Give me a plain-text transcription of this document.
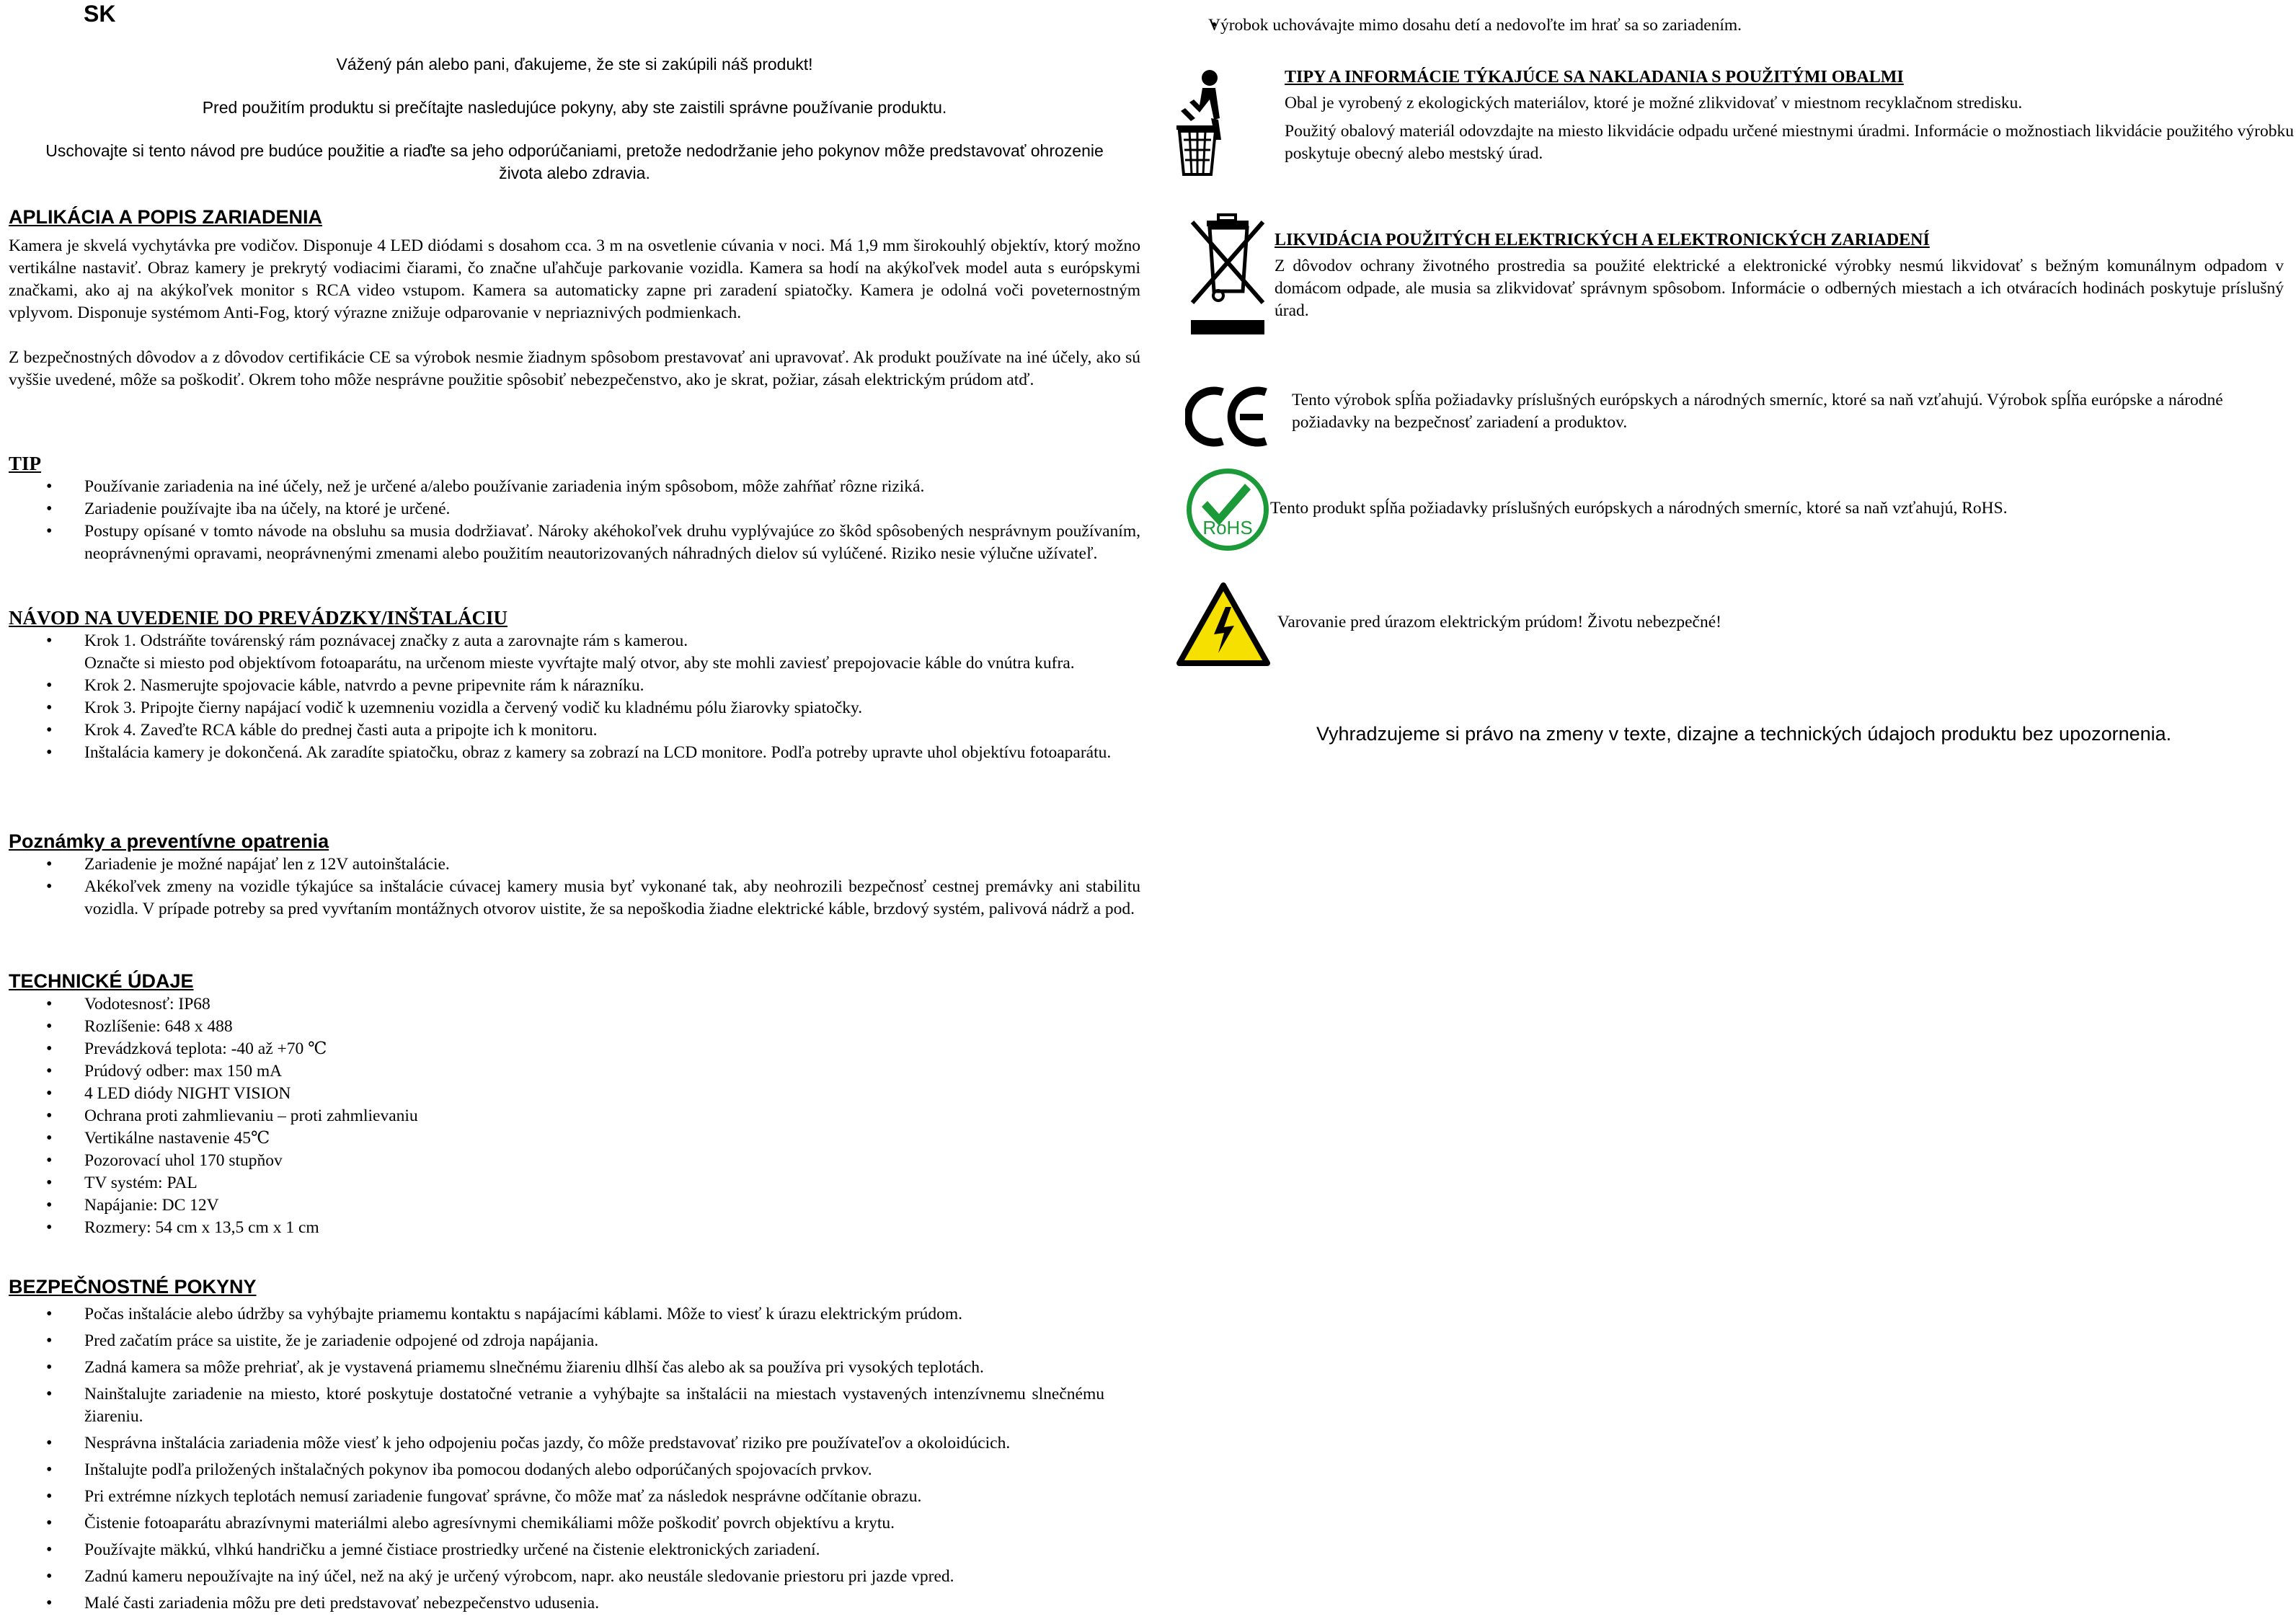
SK
Vážený pán alebo pani, ďakujeme, že ste si zakúpili náš produkt!
Pred použitím produktu si prečítajte nasledujúce pokyny, aby ste zaistili správne používanie produktu.
Uschovajte si tento návod pre budúce použitie a riaďte sa jeho odporúčaniami, pretože nedodržanie jeho pokynov môže predstavovať ohrozenie života alebo zdravia.
APLIKÁCIA A POPIS ZARIADENIA
Kamera je skvelá vychytávka pre vodičov. Disponuje 4 LED diódami s dosahom cca. 3 m na osvetlenie cúvania v noci. Má 1,9 mm širokouhlý objektív, ktorý možno vertikálne nastaviť. Obraz kamery je prekrytý vodiacimi čiarami, čo značne uľahčuje parkovanie vozidla. Kamera sa hodí na akýkoľvek model auta s európskymi značkami, ako aj na akýkoľvek monitor s RCA video vstupom. Kamera sa automaticky zapne pri zaradení spiatočky. Kamera je odolná voči poveternostným vplyvom. Disponuje systémom Anti-Fog, ktorý výrazne znižuje odparovanie v nepriaznivých podmienkach.
Z bezpečnostných dôvodov a z dôvodov certifikácie CE sa výrobok nesmie žiadnym spôsobom prestavovať ani upravovať. Ak produkt používate na iné účely, ako sú vyššie uvedené, môže sa poškodiť. Okrem toho môže nesprávne použitie spôsobiť nebezpečenstvo, ako je skrat, požiar, zásah elektrickým prúdom atď.
TIP
• Používanie zariadenia na iné účely, než je určené a/alebo používanie zariadenia iným spôsobom, môže zahŕňať rôzne riziká.
• Zariadenie používajte iba na účely, na ktoré je určené.
• Postupy opísané v tomto návode na obsluhu sa musia dodržiavať. Nároky akéhokoľvek druhu vyplývajúce zo škôd spôsobených nesprávnym používaním, neoprávnenými opravami, neoprávnenými zmenami alebo použitím neautorizovaných náhradných dielov sú vylúčené. Riziko nesie výlučne užívateľ.
NÁVOD NA UVEDENIE DO PREVÁDZKY/INŠTALÁCIU
• Krok 1. Odstráňte továrenský rám poznávacej značky z auta a zarovnajte rám s kamerou.
Označte si miesto pod objektívom fotoaparátu, na určenom mieste vyvŕtajte malý otvor, aby ste mohli zaviesť prepojovacie káble do vnútra kufra.
• Krok 2. Nasmerujte spojovacie káble, natvrdo a pevne pripevnite rám k nárazníku.
• Krok 3. Pripojte čierny napájací vodič k uzemneniu vozidla a červený vodič ku kladnému pólu žiarovky spiatočky.
• Krok 4. Zaveďte RCA káble do prednej časti auta a pripojte ich k monitoru.
• Inštalácia kamery je dokončená. Ak zaradíte spiatočku, obraz z kamery sa zobrazí na LCD monitore. Podľa potreby upravte uhol objektívu fotoaparátu.
Poznámky a preventívne opatrenia
• Zariadenie je možné napájať len z 12V autoinštalácie.
• Akékoľvek zmeny na vozidle týkajúce sa inštalácie cúvacej kamery musia byť vykonané tak, aby neohrozili bezpečnosť cestnej premávky ani stabilitu vozidla. V prípade potreby sa pred vyvŕtaním montážnych otvorov uistite, že sa nepoškodia žiadne elektrické káble, brzdový systém, palivová nádrž a pod.
TECHNICKÉ ÚDAJE
• Vodotesnosť: IP68
• Rozlíšenie: 648 x 488
• Prevádzková teplota: -40 až +70 ℃
• Prúdový odber: max 150 mA
• 4 LED diódy NIGHT VISION
• Ochrana proti zahmlievaniu – proti zahmlievaniu
• Vertikálne nastavenie 45℃
• Pozorovací uhol 170 stupňov
• TV systém: PAL
• Napájanie: DC 12V
• Rozmery: 54 cm x 13,5 cm x 1 cm
BEZPEČNOSTNÉ POKYNY
• Počas inštalácie alebo údržby sa vyhýbajte priamemu kontaktu s napájacími káblami. Môže to viesť k úrazu elektrickým prúdom.
• Pred začatím práce sa uistite, že je zariadenie odpojené od zdroja napájania.
• Zadná kamera sa môže prehriať, ak je vystavená priamemu slnečnému žiareniu dlhší čas alebo ak sa používa pri vysokých teplotách.
• Nainštalujte zariadenie na miesto, ktoré poskytuje dostatočné vetranie a vyhýbajte sa inštalácii na miestach vystavených intenzívnemu slnečnému žiareniu.
• Nesprávna inštalácia zariadenia môže viesť k jeho odpojeniu počas jazdy, čo môže predstavovať riziko pre používateľov a okoloidúcich.
• Inštalujte podľa priložených inštalačných pokynov iba pomocou dodaných alebo odporúčaných spojovacích prvkov.
• Pri extrémne nízkych teplotách nemusí zariadenie fungovať správne, čo môže mať za následok nesprávne odčítanie obrazu.
• Čistenie fotoaparátu abrazívnymi materiálmi alebo agresívnymi chemikáliami môže poškodiť povrch objektívu a krytu.
• Používajte mäkkú, vlhkú handričku a jemné čistiace prostriedky určené na čistenie elektronických zariadení.
• Zadnú kameru nepoužívajte na iný účel, než na aký je určený výrobcom, napr. ako neustále sledovanie priestoru pri jazde vpred.
• Malé časti zariadenia môžu pre deti predstavovať nebezpečenstvo udusenia.
• Výrobok uchovávajte mimo dosahu detí a nedovoľte im hrať sa so zariadením.
TIPY A INFORMÁCIE TÝKAJÚCE SA NAKLADANIA S POUŽITÝMI OBALMI
Obal je vyrobený z ekologických materiálov, ktoré je možné zlikvidovať v miestnom recyklačnom stredisku.
Použitý obalový materiál odovzdajte na miesto likvidácie odpadu určené miestnymi úradmi. Informácie o možnostiach likvidácie použitého výrobku poskytuje obecný alebo mestský úrad.
LIKVIDÁCIA POUŽITÝCH ELEKTRICKÝCH A ELEKTRONICKÝCH ZARIADENÍ
Z dôvodov ochrany životného prostredia sa použité elektrické a elektronické výrobky nesmú likvidovať s bežným komunálnym odpadom v domácom odpade, ale musia sa zlikvidovať správnym spôsobom. Informácie o odberných miestach a ich otváracích hodinách poskytuje príslušný úrad.
Tento výrobok spĺňa požiadavky príslušných európskych a národných smerníc, ktoré sa naň vzťahujú. Výrobok spĺňa európske a národné požiadavky na bezpečnosť zariadení a produktov.
RoHS
Tento produkt spĺňa požiadavky príslušných európskych a národných smerníc, ktoré sa naň vzťahujú, RoHS.
Varovanie pred úrazom elektrickým prúdom! Životu nebezpečné!
Vyhradzujeme si právo na zmeny v texte, dizajne a technických údajoch produktu bez upozornenia.
